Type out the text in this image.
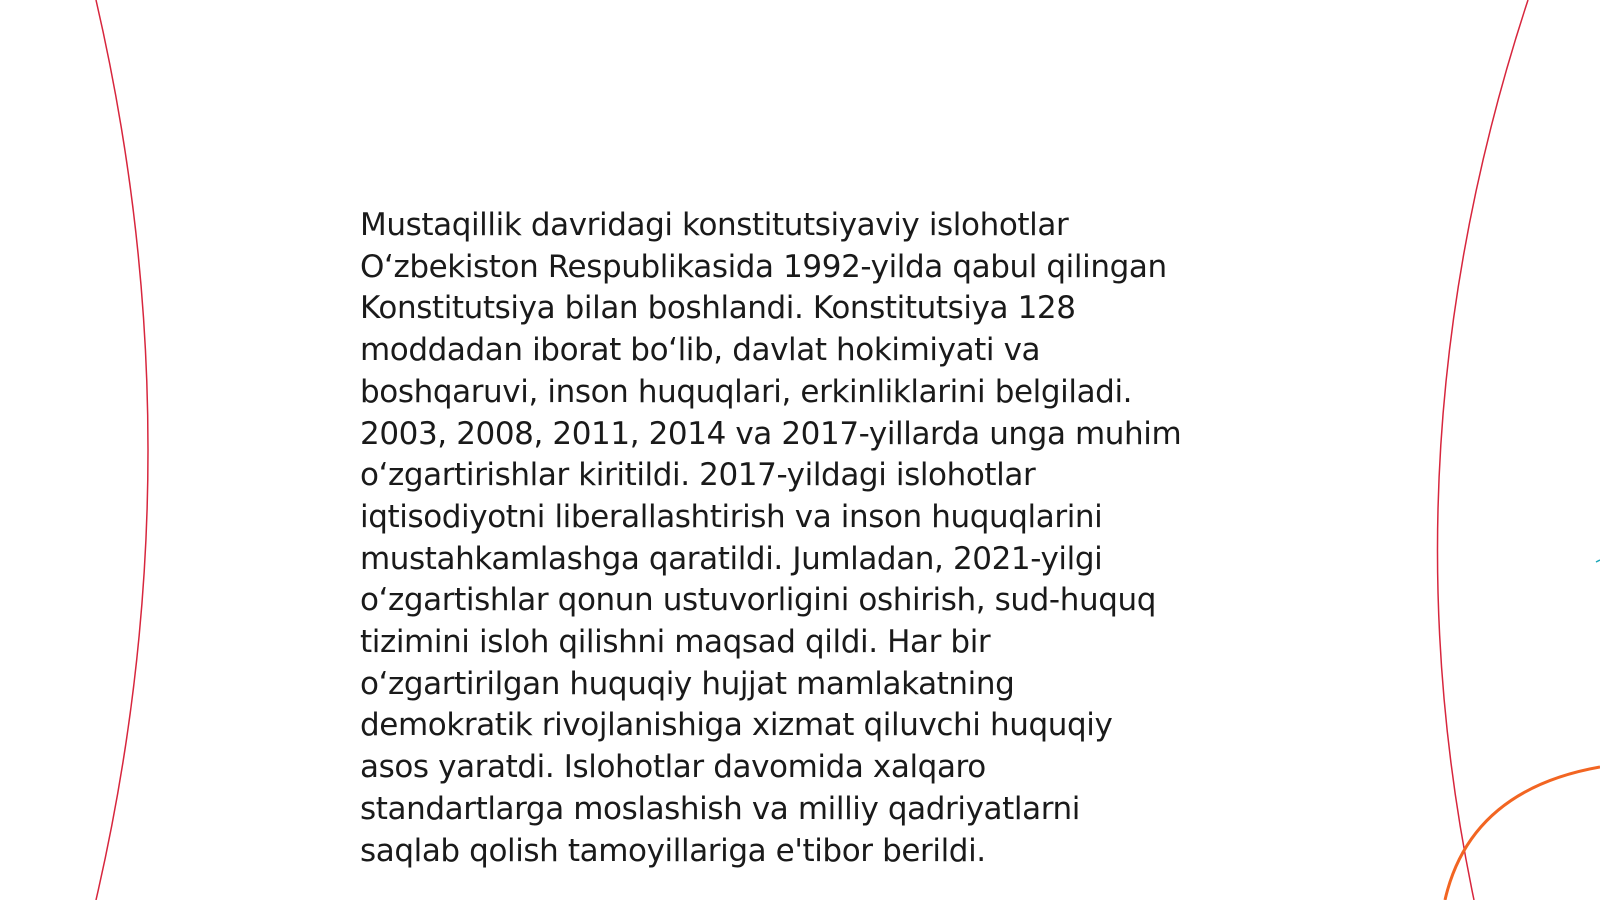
Mustaqillik davridagi konstitutsiyaviy islohotlar
O‘zbekiston Respublikasida 1992-yilda qabul qilingan
Konstitutsiya bilan boshlandi. Konstitutsiya 128
moddadan iborat bo‘lib, davlat hokimiyati va
boshqaruvi, inson huquqlari, erkinliklarini belgiladi.
2003, 2008, 2011, 2014 va 2017-yillarda unga muhim
o‘zgartirishlar kiritildi. 2017-yildagi islohotlar
iqtisodiyotni liberallashtirish va inson huquqlarini
mustahkamlashga qaratildi. Jumladan, 2021-yilgi
o‘zgartishlar qonun ustuvorligini oshirish, sud-huquq
tizimini isloh qilishni maqsad qildi. Har bir
o‘zgartirilgan huquqiy hujjat mamlakatning
demokratik rivojlanishiga xizmat qiluvchi huquqiy
asos yaratdi. Islohotlar davomida xalqaro
standartlarga moslashish va milliy qadriyatlarni
saqlab qolish tamoyillariga e'tibor berildi.
